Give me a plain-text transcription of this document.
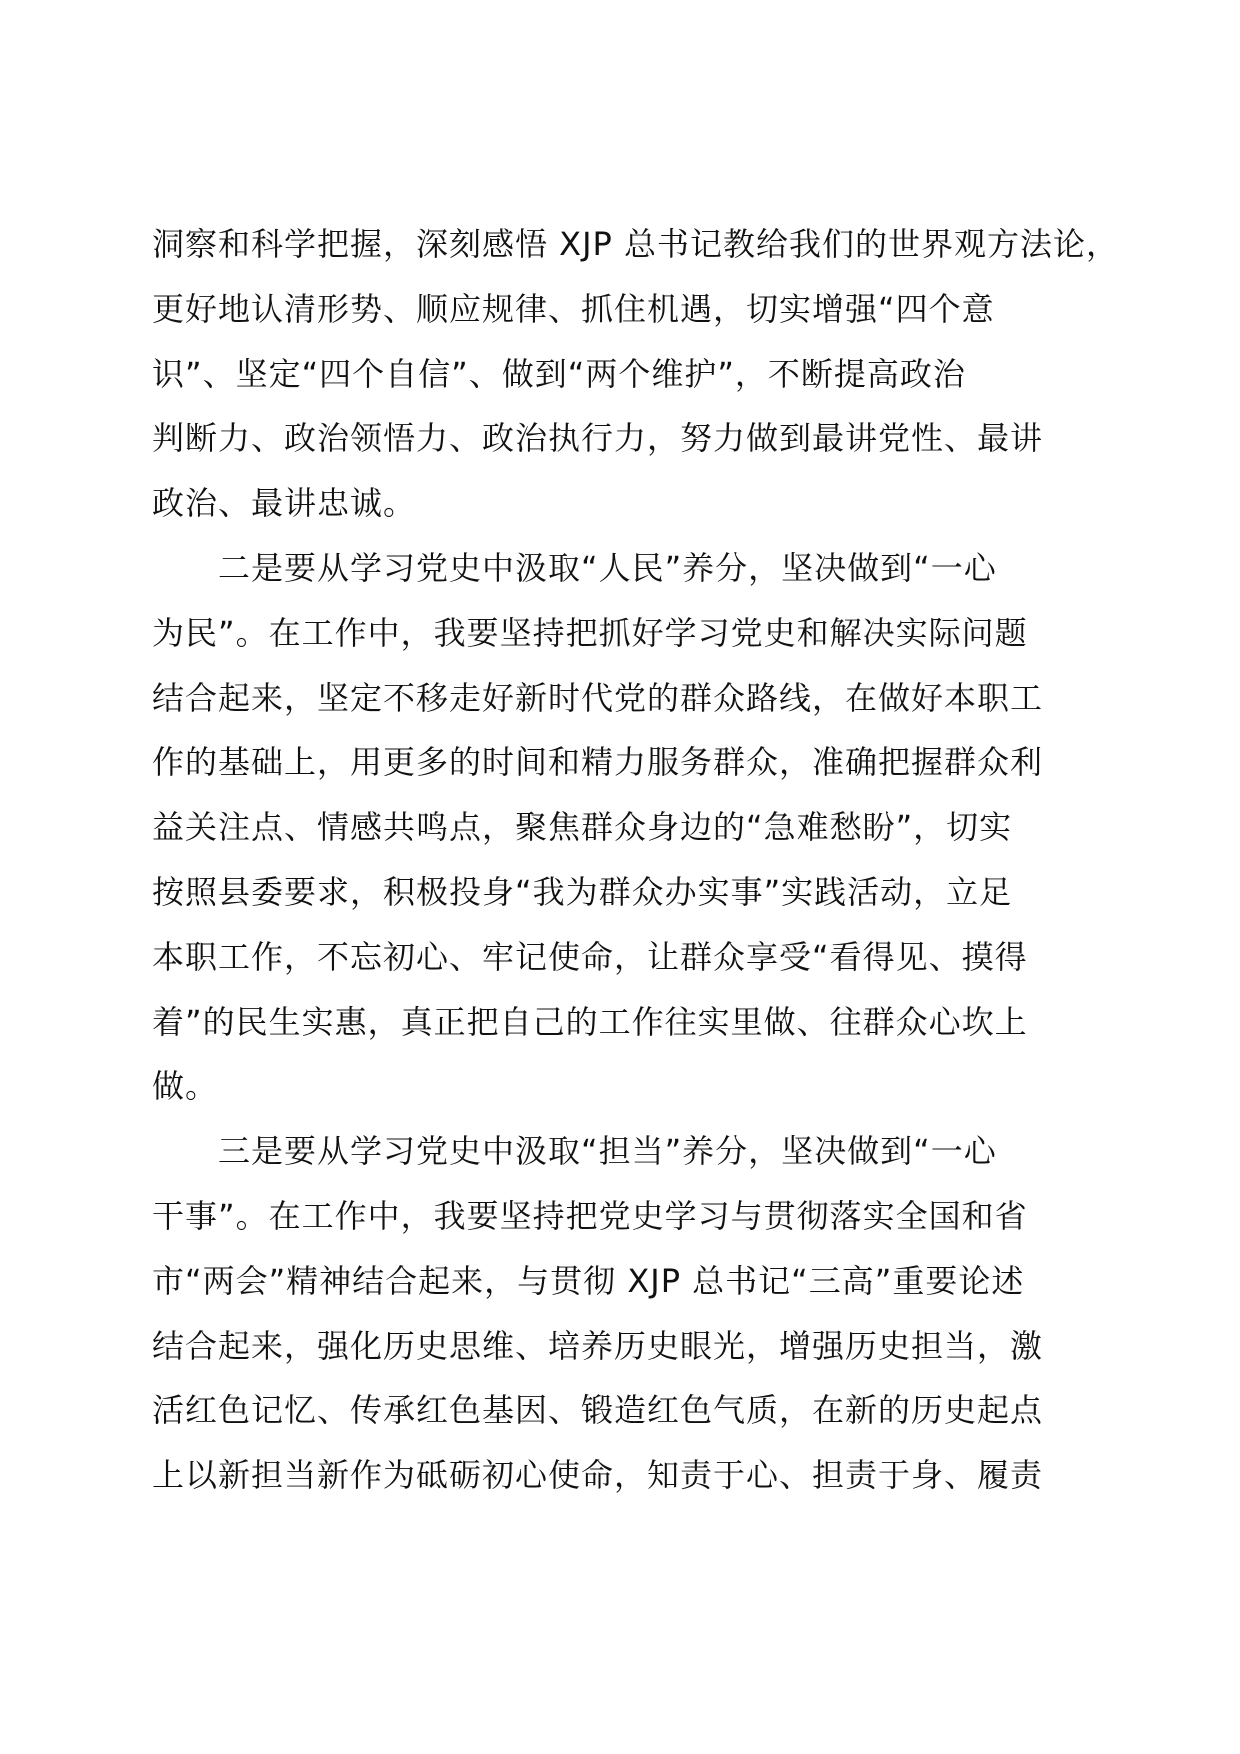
洞察和科学把握，深刻感悟 XJP 总书记教给我们的世界观方法论，
更好地认清形势、顺应规律、抓住机遇，切实增强“四个意
识”、坚定“四个自信”、做到“两个维护”，不断提高政治
判断力、政治领悟力、政治执行力，努力做到最讲党性、最讲
政治、最讲忠诚。
二是要从学习党史中汲取“人民”养分，坚决做到“一心
为民”。在工作中，我要坚持把抓好学习党史和解决实际问题
结合起来，坚定不移走好新时代党的群众路线，在做好本职工
作的基础上，用更多的时间和精力服务群众，准确把握群众利
益关注点、情感共鸣点，聚焦群众身边的“急难愁盼”，切实
按照县委要求，积极投身“我为群众办实事”实践活动，立足
本职工作，不忘初心、牢记使命，让群众享受“看得见、摸得
着”的民生实惠，真正把自己的工作往实里做、往群众心坎上
做。
三是要从学习党史中汲取“担当”养分，坚决做到“一心
干事”。在工作中，我要坚持把党史学习与贯彻落实全国和省
市“两会”精神结合起来，与贯彻 XJP 总书记“三高”重要论述
结合起来，强化历史思维、培养历史眼光，增强历史担当，激
活红色记忆、传承红色基因、锻造红色气质，在新的历史起点
上以新担当新作为砥砺初心使命，知责于心、担责于身、履责
